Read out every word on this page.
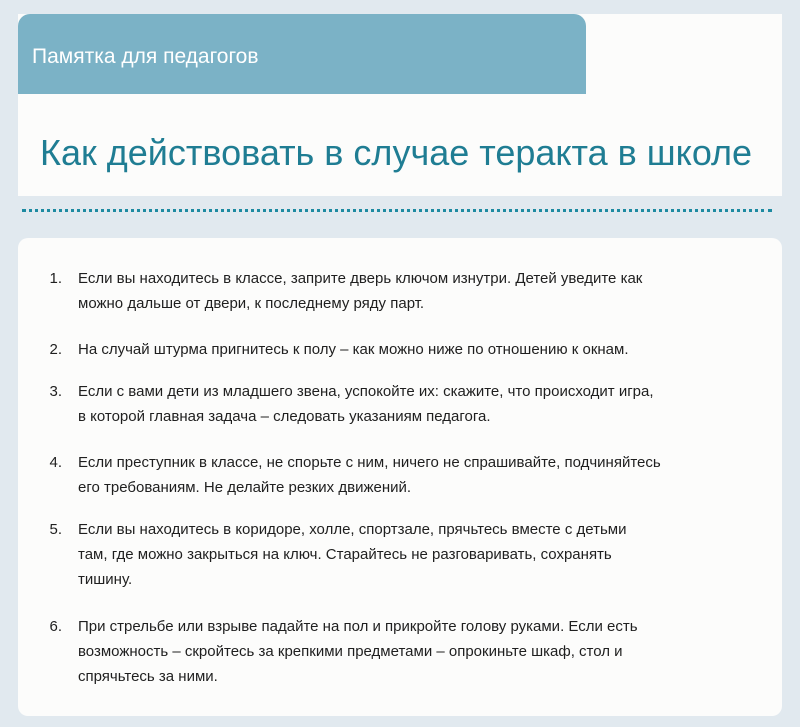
Памятка для педагогов
Как действовать в случае теракта в школе
1. Если вы находитесь в классе, заприте дверь ключом изнутри. Детей уведите как
можно дальше от двери, к последнему ряду парт.
2. На случай штурма пригнитесь к полу – как можно ниже по отношению к окнам.
3. Если с вами дети из младшего звена, успокойте их: скажите, что происходит игра,
в которой главная задача – следовать указаниям педагога.
4. Если преступник в классе, не спорьте с ним, ничего не спрашивайте, подчиняйтесь
его требованиям. Не делайте резких движений.
5. Если вы находитесь в коридоре, холле, спортзале, прячьтесь вместе с детьми
там, где можно закрыться на ключ. Старайтесь не разговаривать, сохранять
тишину.
6. При стрельбе или взрыве падайте на пол и прикройте голову руками. Если есть
возможность – скройтесь за крепкими предметами – опрокиньте шкаф, стол и
спрячьтесь за ними.
